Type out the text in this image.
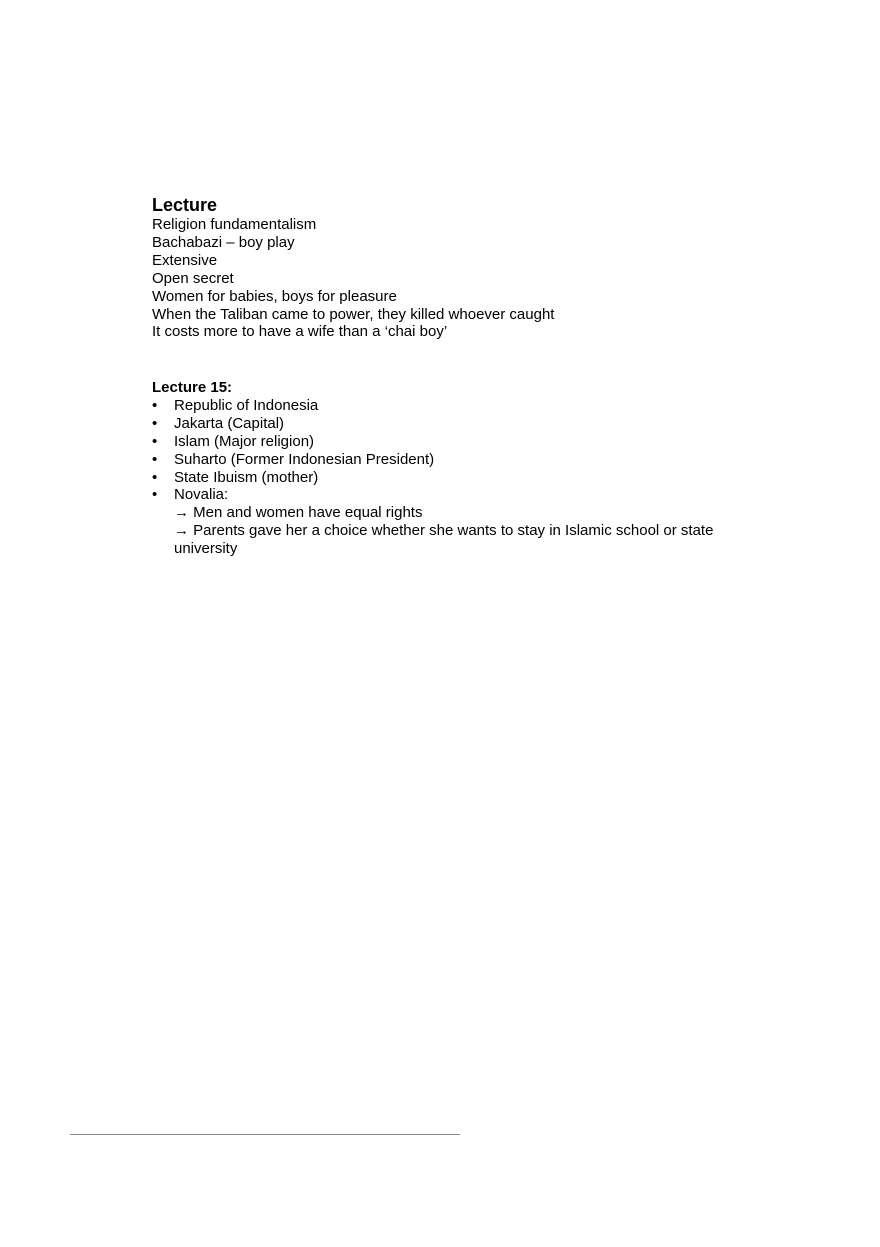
Lecture
Religion fundamentalism
Bachabazi – boy play
Extensive
Open secret
Women for babies, boys for pleasure
When the Taliban came to power, they killed whoever caught
It costs more to have a wife than a ‘chai boy’
Lecture 15:
• Republic of Indonesia
• Jakarta (Capital)
• Islam (Major religion)
• Suharto (Former Indonesian President)
• State Ibuism (mother)
• Novalia:
→ Men and women have equal rights
→ Parents gave her a choice whether she wants to stay in Islamic school or state university
